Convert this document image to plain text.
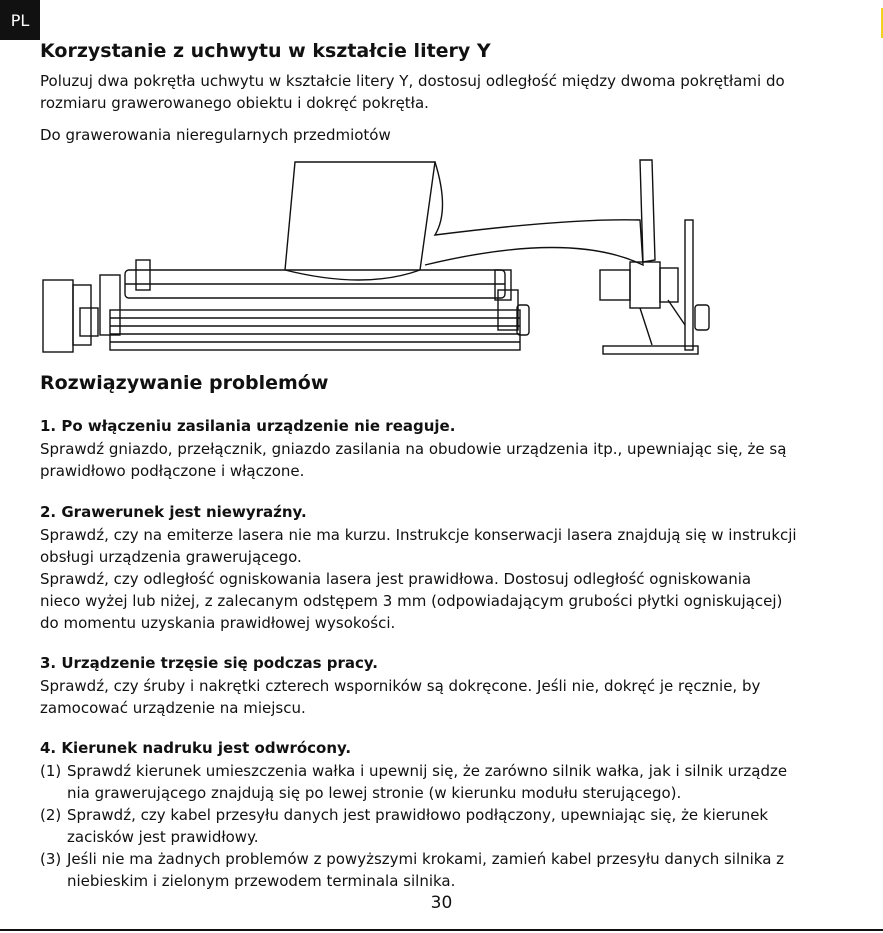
PL
Korzystanie z uchwytu w kształcie litery Y

Poluzuj dwa pokrętła uchwytu w kształcie litery Y, dostosuj odległość między dwoma pokrętłami do

rozmiaru grawerowanego obiektu i dokręć pokrętła.

Do grawerowania nieregularnych przedmiotów

Rozwiązywanie problemów

1. Po włączeniu zasilania urządzenie nie reaguje.

Sprawdź gniazdo, przełącznik, gniazdo zasilania na obudowie urządzenia itp., upewniając się, że są

prawidłowo podłączone i włączone.

2. Grawerunek jest niewyraźny.

Sprawdź, czy na emiterze lasera nie ma kurzu. Instrukcje konserwacji lasera znajdują się w instrukcji

obsługi urządzenia grawerującego.

Sprawdź, czy odległość ogniskowania lasera jest prawidłowa. Dostosuj odległość ogniskowania

nieco wyżej lub niżej, z zalecanym odstępem 3 mm (odpowiadającym grubości płytki ogniskującej)

do momentu uzyskania prawidłowej wysokości.

3. Urządzenie trzęsie się podczas pracy.

Sprawdź, czy śruby i nakrętki czterech wsporników są dokręcone. Jeśli nie, dokręć je ręcznie, by

zamocować urządzenie na miejscu.

4. Kierunek nadruku jest odwrócony.

(1) Sprawdź kierunek umieszczenia wałka i upewnij się, że zarówno silnik wałka, jak i silnik urządze
nia grawerującego znajdują się po lewej stronie (w kierunku modułu sterującego).
(2) Sprawdź, czy kabel przesyłu danych jest prawidłowo podłączony, upewniając się, że kierunek
zacisków jest prawidłowy.
(3) Jeśli nie ma żadnych problemów z powyższymi krokami, zamień kabel przesyłu danych silnika z
niebieskim i zielonym przewodem terminala silnika.
30
